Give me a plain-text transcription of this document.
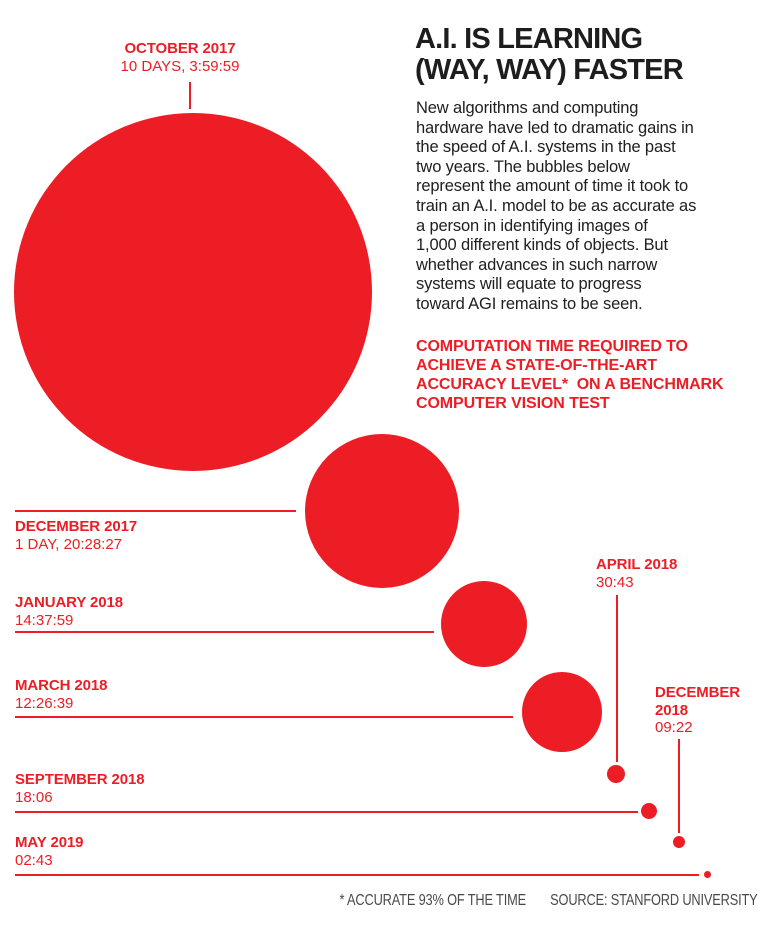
OCTOBER 2017
10 DAYS, 3:59:59
DECEMBER 2017
1 DAY, 20:28:27
JANUARY 2018
14:37:59
MARCH 2018
12:26:39
APRIL 2018
30:43
SEPTEMBER 2018
18:06
DECEMBER 2018
09:22
MAY 2019
02:43
A.I. IS LEARNING
(WAY, WAY) FASTER
New algorithms and computing
hardware have led to dramatic gains in
the speed of A.I. systems in the past
two years. The bubbles below
represent the amount of time it took to
train an A.I. model to be as accurate as
a person in identifying images of
1,000 different kinds of objects. But
whether advances in such narrow
systems will equate to progress
toward AGI remains to be seen.
COMPUTATION TIME REQUIRED TO
ACHIEVE A STATE-OF-THE-ART
ACCURACY LEVEL*  ON A BENCHMARK
COMPUTER VISION TEST
* ACCURATE 93% OF THE TIME SOURCE: STANFORD UNIVERSITY
